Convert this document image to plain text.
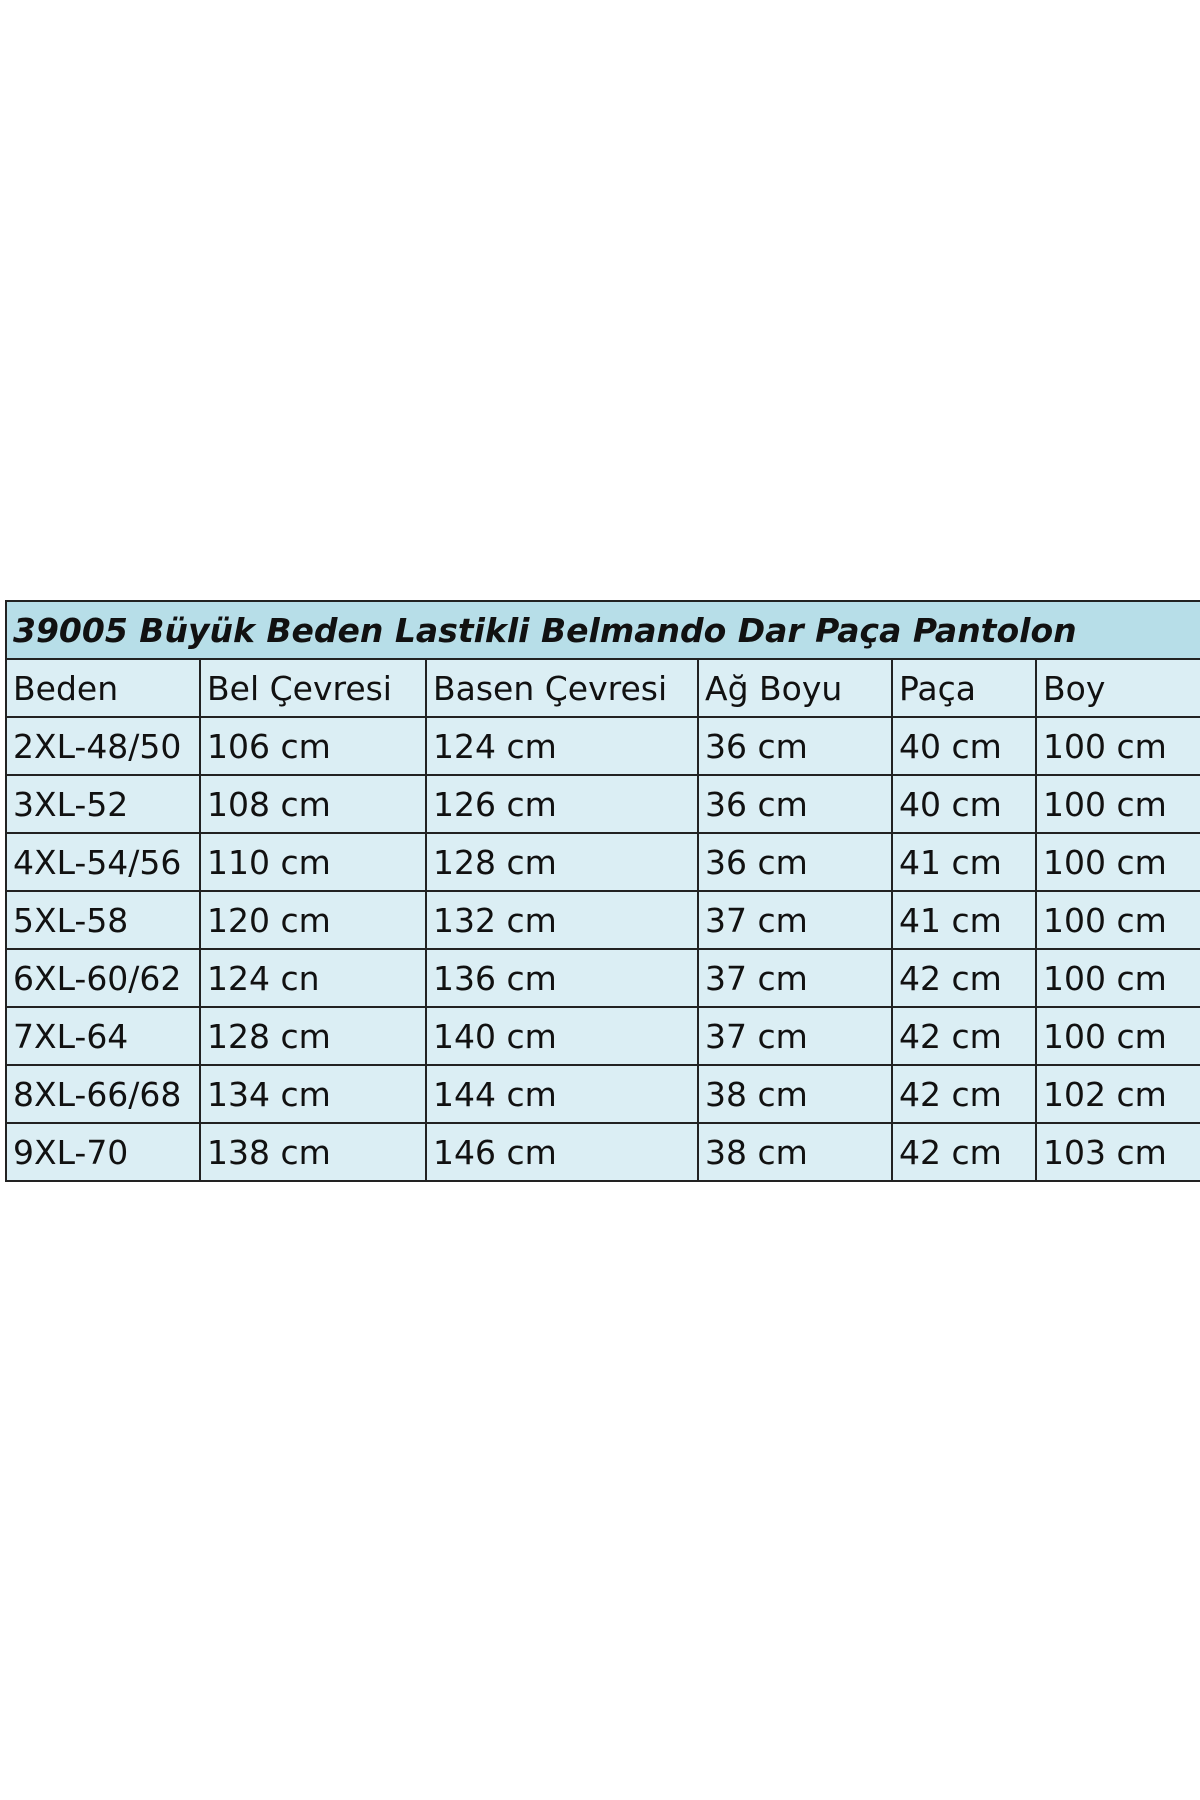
39005 Büyük Beden Lastikli Belmando Dar Paça Pantolon					
Beden	Bel Çevresi	Basen Çevresi	Ağ Boyu	Paça	Boy
2XL-48/50	106 cm	124 cm	36 cm	40 cm	100 cm
3XL-52	108 cm	126 cm	36 cm	40 cm	100 cm
4XL-54/56	110 cm	128 cm	36 cm	41 cm	100 cm
5XL-58	120 cm	132 cm	37 cm	41 cm	100 cm
6XL-60/62	124 cn	136 cm	37 cm	42 cm	100 cm
7XL-64	128 cm	140 cm	37 cm	42 cm	100 cm
8XL-66/68	134 cm	144 cm	38 cm	42 cm	102 cm
9XL-70	138 cm	146 cm	38 cm	42 cm	103 cm
